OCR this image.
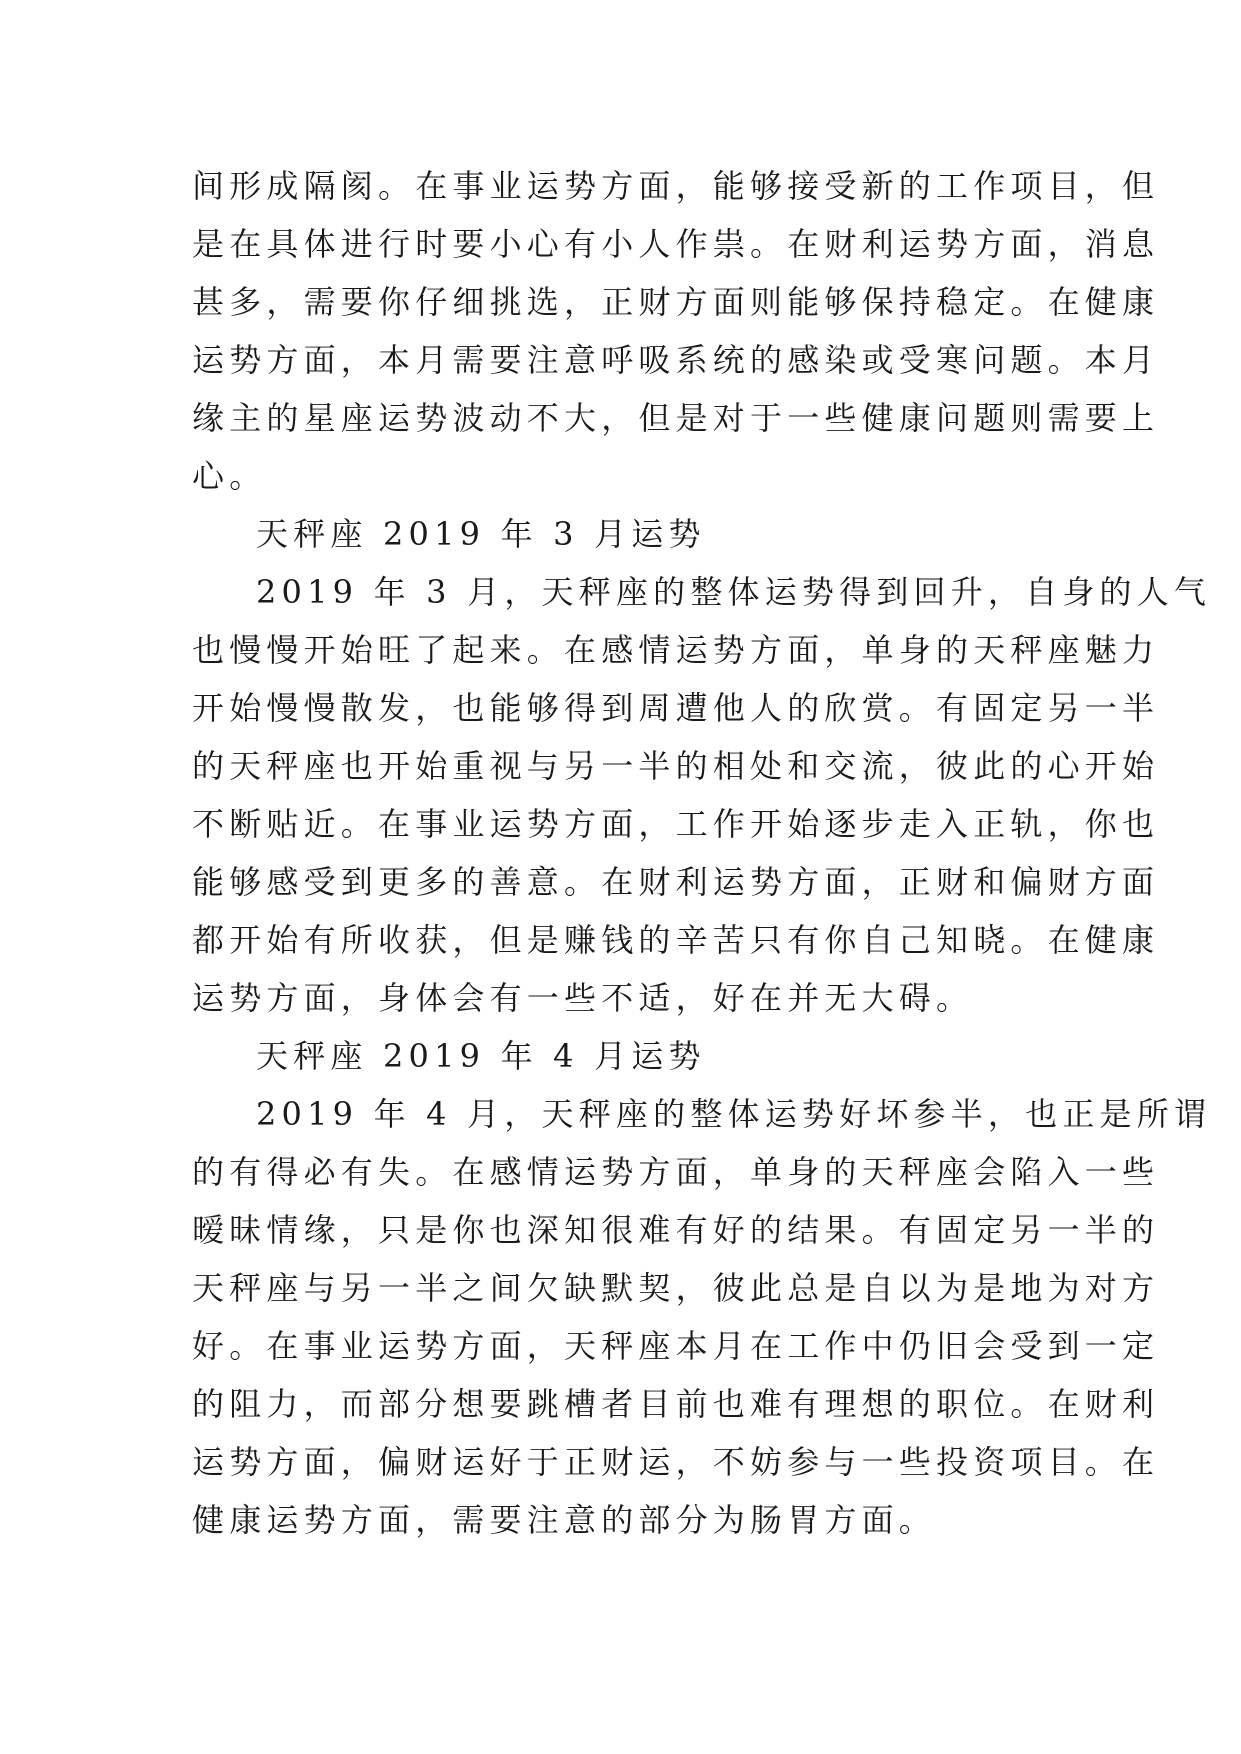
间形成隔阂。在事业运势方面，能够接受新的工作项目，但
是在具体进行时要小心有小人作祟。在财利运势方面，消息
甚多，需要你仔细挑选，正财方面则能够保持稳定。在健康
运势方面，本月需要注意呼吸系统的感染或受寒问题。本月
缘主的星座运势波动不大，但是对于一些健康问题则需要上
心。

天秤座 2019 年 3 月运势

2019 年 3 月，天秤座的整体运势得到回升，自身的人气
也慢慢开始旺了起来。在感情运势方面，单身的天秤座魅力
开始慢慢散发，也能够得到周遭他人的欣赏。有固定另一半
的天秤座也开始重视与另一半的相处和交流，彼此的心开始
不断贴近。在事业运势方面，工作开始逐步走入正轨，你也
能够感受到更多的善意。在财利运势方面，正财和偏财方面
都开始有所收获，但是赚钱的辛苦只有你自己知晓。在健康
运势方面，身体会有一些不适，好在并无大碍。

天秤座 2019 年 4 月运势

2019 年 4 月，天秤座的整体运势好坏参半，也正是所谓
的有得必有失。在感情运势方面，单身的天秤座会陷入一些
暧昧情缘，只是你也深知很难有好的结果。有固定另一半的
天秤座与另一半之间欠缺默契，彼此总是自以为是地为对方
好。在事业运势方面，天秤座本月在工作中仍旧会受到一定
的阻力，而部分想要跳槽者目前也难有理想的职位。在财利
运势方面，偏财运好于正财运，不妨参与一些投资项目。在
健康运势方面，需要注意的部分为肠胃方面。
